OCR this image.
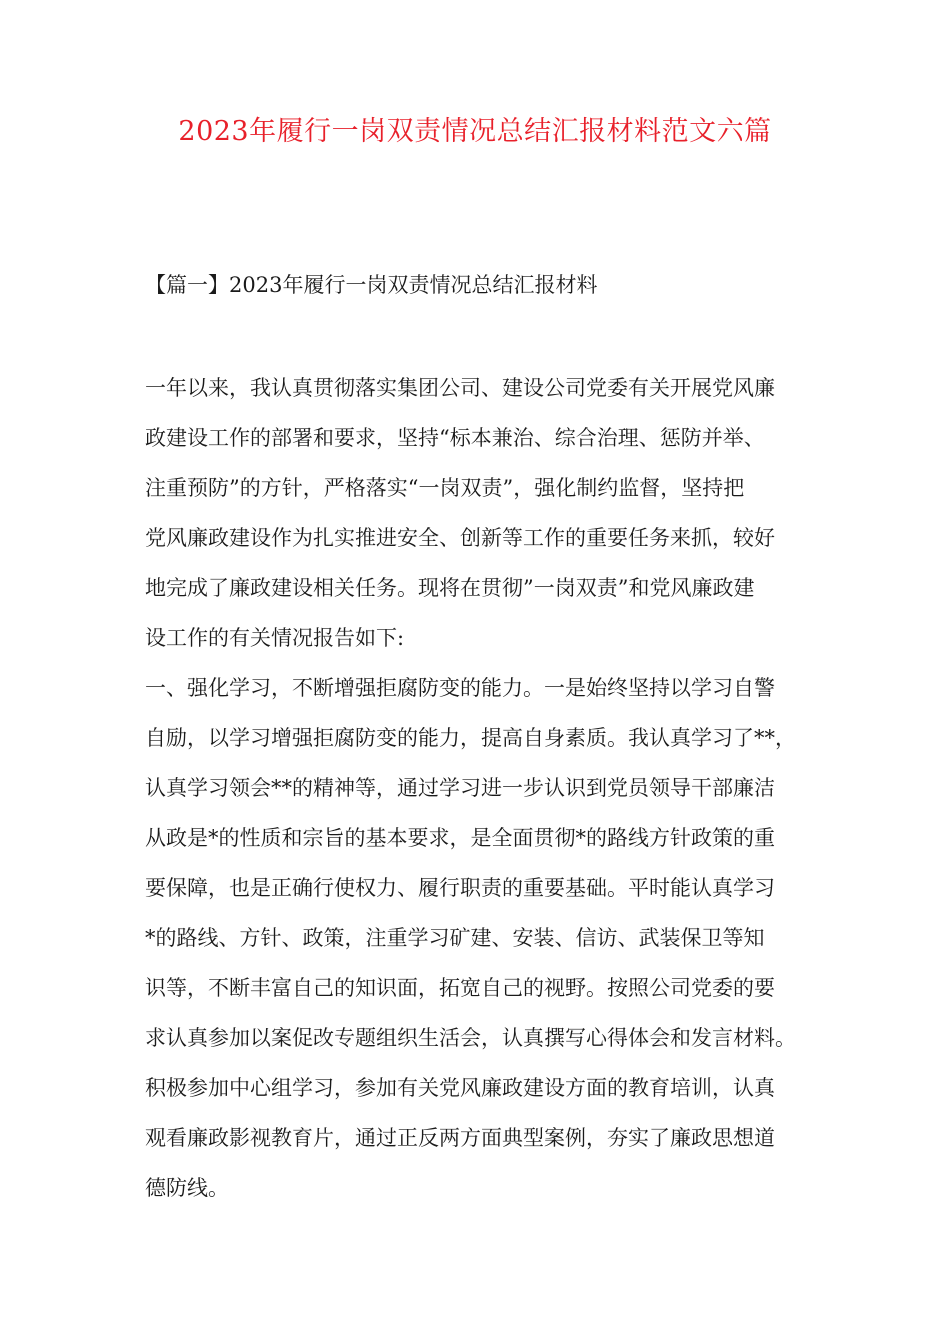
2023年履行一岗双责情况总结汇报材料范文六篇
【篇一】2023年履行一岗双责情况总结汇报材料
一年以来，我认真贯彻落实集团公司、建设公司党委有关开展党风廉
政建设工作的部署和要求，坚持“标本兼治、综合治理、惩防并举、
注重预防”的方针，严格落实“一岗双责”，强化制约监督，坚持把
党风廉政建设作为扎实推进安全、创新等工作的重要任务来抓，较好
地完成了廉政建设相关任务。现将在贯彻”一岗双责”和党风廉政建
设工作的有关情况报告如下:
一、强化学习，不断增强拒腐防变的能力。一是始终坚持以学习自警
自励，以学习增强拒腐防变的能力，提高自身素质。我认真学习了**，
认真学习领会**的精神等，通过学习进一步认识到党员领导干部廉洁
从政是*的性质和宗旨的基本要求，是全面贯彻*的路线方针政策的重
要保障，也是正确行使权力、履行职责的重要基础。平时能认真学习
*的路线、方针、政策，注重学习矿建、安装、信访、武装保卫等知
识等，不断丰富自己的知识面，拓宽自己的视野。按照公司党委的要
求认真参加以案促改专题组织生活会，认真撰写心得体会和发言材料。
积极参加中心组学习，参加有关党风廉政建设方面的教育培训，认真
观看廉政影视教育片，通过正反两方面典型案例，夯实了廉政思想道
德防线。
